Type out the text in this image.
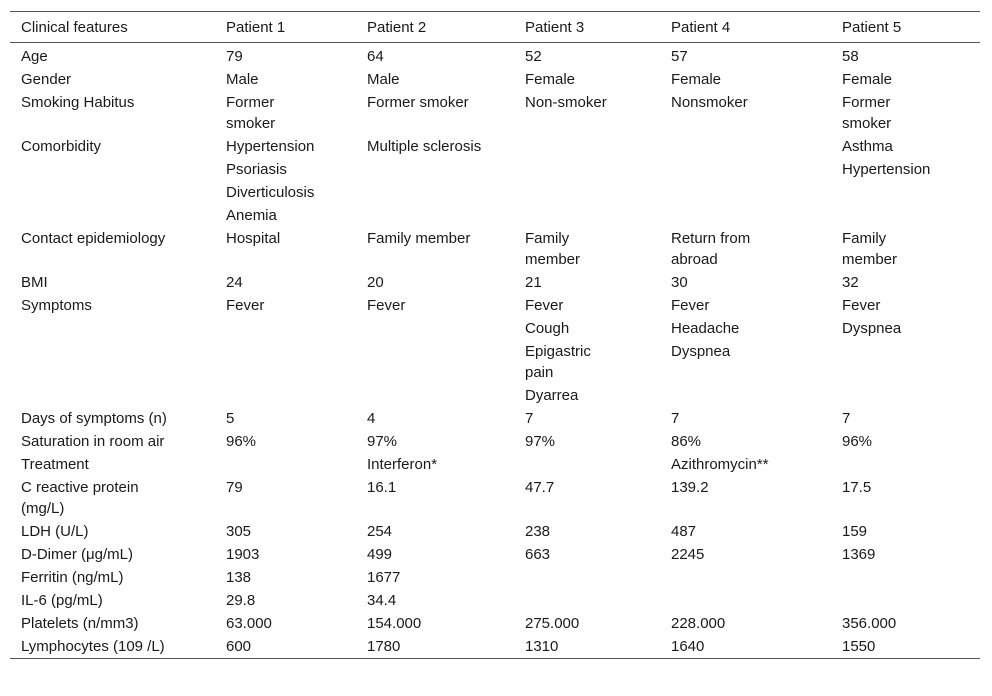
Clinical features	Patient 1	Patient 2	Patient 3	Patient 4	Patient 5
Age	79	64	52	57	58
Gender	Male	Male	Female	Female	Female
Smoking Habitus	Former smoker	Former smoker	Non-smoker	Nonsmoker	Former smoker
Comorbidity	Hypertension	Multiple sclerosis			Asthma
	Psoriasis				Hypertension
	Diverticulosis				
	Anemia				
Contact epidemiology	Hospital	Family member	Family member	Return from abroad	Family member
BMI	24	20	21	30	32
Symptoms	Fever	Fever	Fever	Fever	Fever
			Cough	Headache	Dyspnea
			Epigastric pain	Dyspnea	
			Dyarrea		
Days of symptoms (n)	5	4	7	7	7
Saturation in room air	96%	97%	97%	86%	96%
Treatment		Interferon*		Azithromycin**	
C reactive protein (mg/L)	79	16.1	47.7	139.2	17.5
LDH (U/L)	305	254	238	487	159
D-Dimer (μg/mL)	1903	499	663	2245	1369
Ferritin (ng/mL)	138	1677			
IL-6 (pg/mL)	29.8	34.4			
Platelets (n/mm3)	63.000	154.000	275.000	228.000	356.000
Lymphocytes (109 /L)	600	1780	1310	1640	1550
